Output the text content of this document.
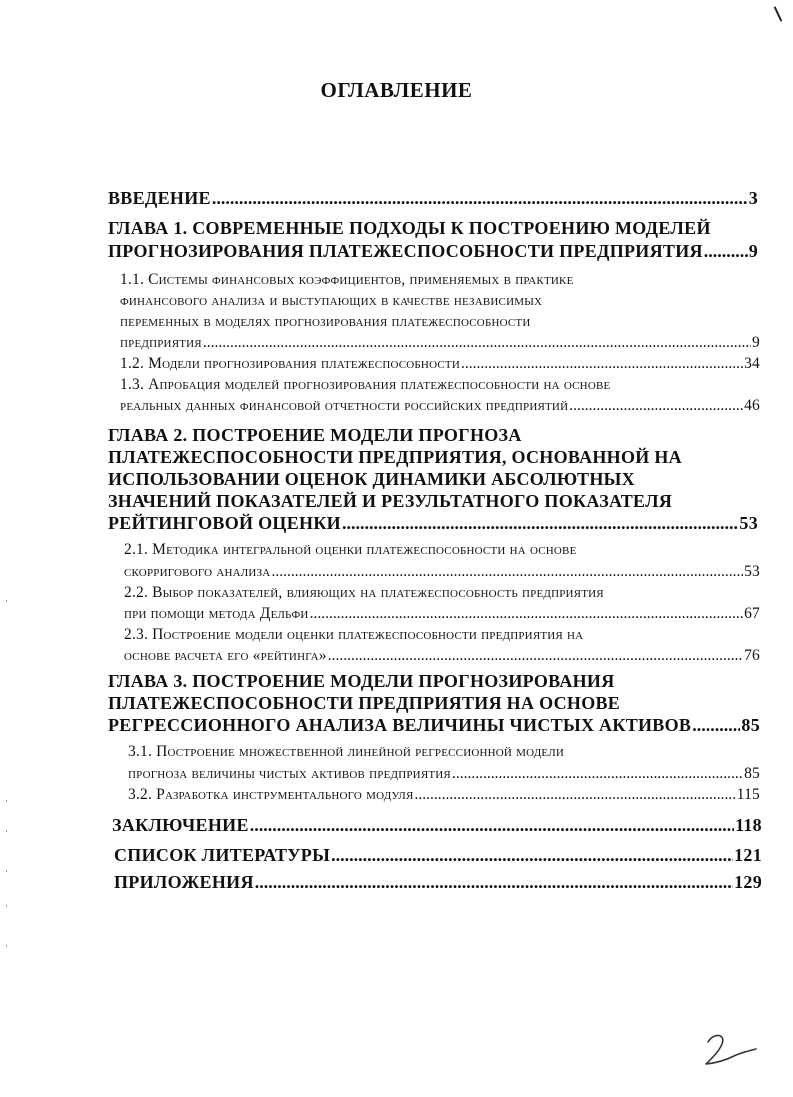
ОГЛАВЛЕНИЕ
ВВЕДЕНИЕ .....	3
ГЛАВА 1. СОВРЕМЕННЫЕ ПОДХОДЫ К ПОСТРОЕНИЮ МОДЕЛЕЙ
ПРОГНОЗИРОВАНИЯ ПЛАТЕЖЕСПОСОБНОСТИ ПРЕДПРИЯТИЯ .....	9
1.1. Системы финансовых коэффициентов, применяемых в практике
финансового анализа и выступающих в качестве независимых
переменных в моделях прогнозирования платежеспособности
предприятия .....	9
1.2. Модели прогнозирования платежеспособности .....	34
1.3. Апробация моделей прогнозирования платежеспособности на основе
реальных данных финансовой отчетности российских предприятий .....	46
ГЛАВА 2. ПОСТРОЕНИЕ МОДЕЛИ ПРОГНОЗА
ПЛАТЕЖЕСПОСОБНОСТИ ПРЕДПРИЯТИЯ, ОСНОВАННОЙ НА
ИСПОЛЬЗОВАНИИ ОЦЕНОК ДИНАМИКИ АБСОЛЮТНЫХ
ЗНАЧЕНИЙ ПОКАЗАТЕЛЕЙ И РЕЗУЛЬТАТНОГО ПОКАЗАТЕЛЯ
РЕЙТИНГОВОЙ ОЦЕНКИ .....	53
2.1. Методика интегральной оценки платежеспособности на основе
скорригового анализа .....	53
2.2. Выбор показателей, влияющих на платежеспособность предприятия
при помощи метода Дельфи .....	67
2.3. Построение модели оценки платежеспособности предприятия на
основе расчета его «рейтинга» .....	76
ГЛАВА 3. ПОСТРОЕНИЕ МОДЕЛИ ПРОГНОЗИРОВАНИЯ
ПЛАТЕЖЕСПОСОБНОСТИ ПРЕДПРИЯТИЯ НА ОСНОВЕ
РЕГРЕССИОННОГО АНАЛИЗА ВЕЛИЧИНЫ ЧИСТЫХ АКТИВОВ .....	85
3.1. Построение множественной линейной регрессионной модели
прогноза величины чистых активов предприятия .....	85
3.2. Разработка инструментального модуля .....	115
ЗАКЛЮЧЕНИЕ .....	118
СПИСОК ЛИТЕРАТУРЫ .....	121
ПРИЛОЖЕНИЯ .....	129
